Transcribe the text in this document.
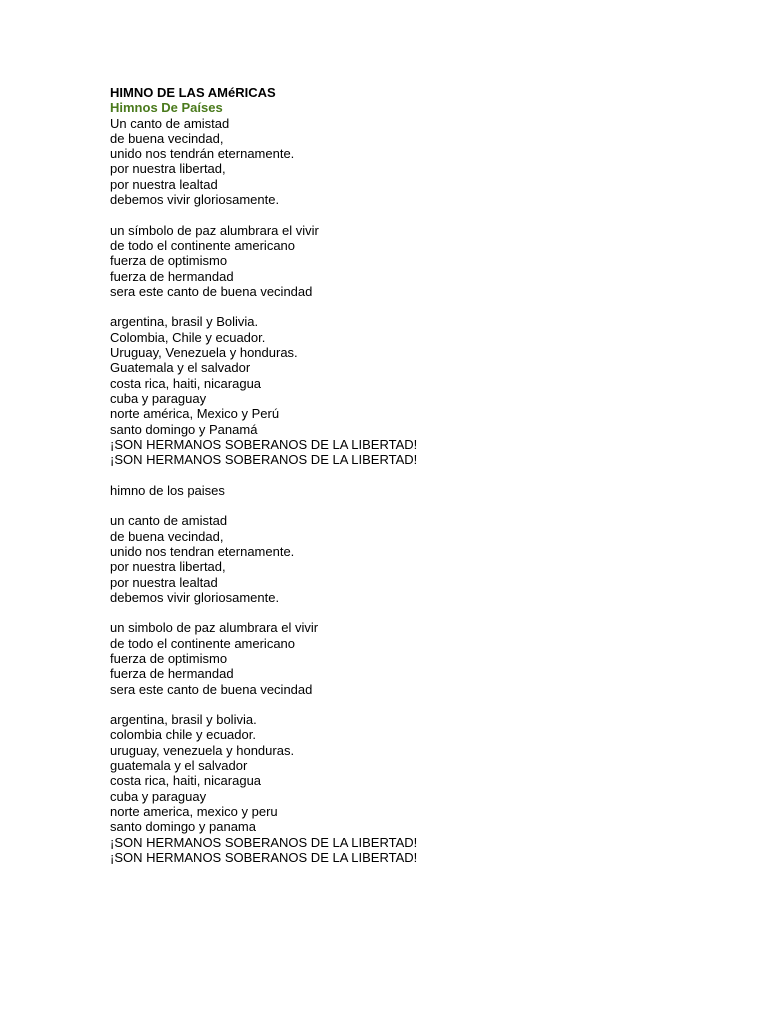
HIMNO DE LAS AMéRICAS
Himnos De Países
Un canto de amistad
de buena vecindad,
unido nos tendrán eternamente.
por nuestra libertad,
por nuestra lealtad
debemos vivir gloriosamente.
un símbolo de paz alumbrara el vivir
de todo el continente americano
fuerza de optimismo
fuerza de hermandad
sera este canto de buena vecindad
argentina, brasil y Bolivia.
Colombia, Chile y ecuador.
Uruguay, Venezuela y honduras.
Guatemala y el salvador
costa rica, haiti, nicaragua
cuba y paraguay
norte américa, Mexico y Perú
santo domingo y Panamá
¡SON HERMANOS SOBERANOS DE LA LIBERTAD!
¡SON HERMANOS SOBERANOS DE LA LIBERTAD!
himno de los paises
un canto de amistad
de buena vecindad,
unido nos tendran eternamente.
por nuestra libertad,
por nuestra lealtad
debemos vivir gloriosamente.
un simbolo de paz alumbrara el vivir
de todo el continente americano
fuerza de optimismo
fuerza de hermandad
sera este canto de buena vecindad
argentina, brasil y bolivia.
colombia chile y ecuador.
uruguay, venezuela y honduras.
guatemala y el salvador
costa rica, haiti, nicaragua
cuba y paraguay
norte america, mexico y peru
santo domingo y panama
¡SON HERMANOS SOBERANOS DE LA LIBERTAD!
¡SON HERMANOS SOBERANOS DE LA LIBERTAD!
